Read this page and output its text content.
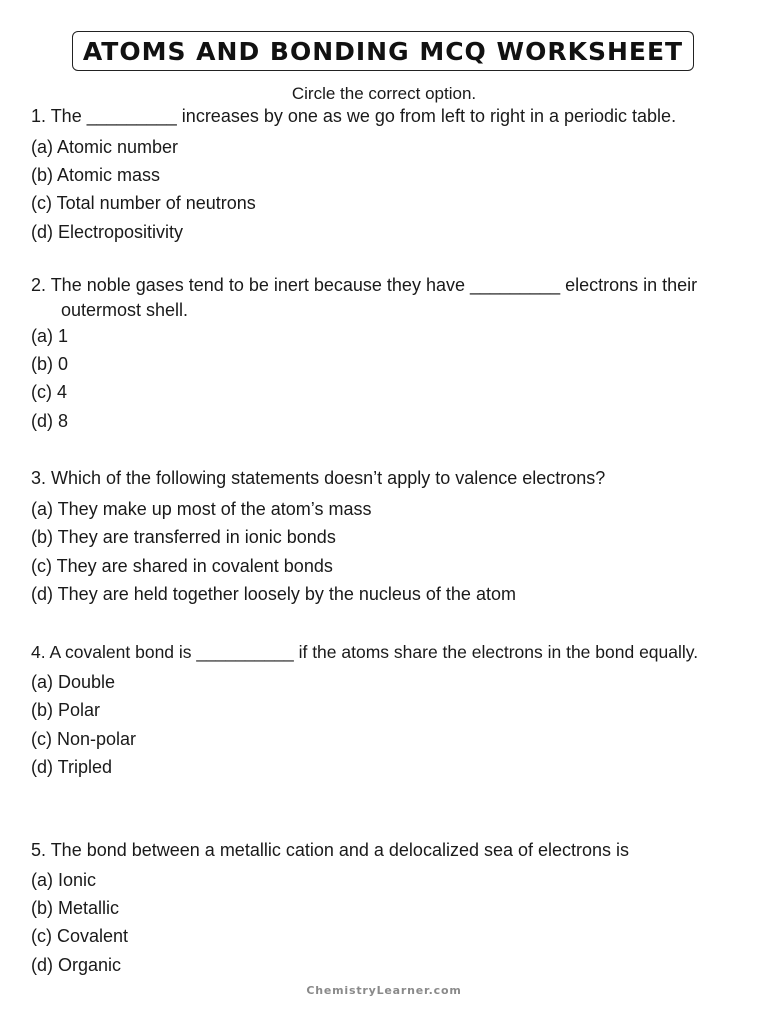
ATOMS AND BONDING MCQ WORKSHEET
Circle the correct option.
1. The _________ increases by one as we go from left to right in a periodic table.
(a) Atomic number
(b) Atomic mass
(c) Total number of neutrons
(d) Electropositivity
2. The noble gases tend to be inert because they have _________ electrons in their
outermost shell.
(a) 1
(b) 0
(c) 4
(d) 8
3. Which of the following statements doesn’t apply to valence electrons?
(a) They make up most of the atom’s mass
(b) They are transferred in ionic bonds
(c) They are shared in covalent bonds
(d) They are held together loosely by the nucleus of the atom
4. A covalent bond is __________ if the atoms share the electrons in the bond equally.
(a) Double
(b) Polar
(c) Non-polar
(d) Tripled
5. The bond between a metallic cation and a delocalized sea of electrons is
(a) Ionic
(b) Metallic
(c) Covalent
(d) Organic
ChemistryLearner.com
